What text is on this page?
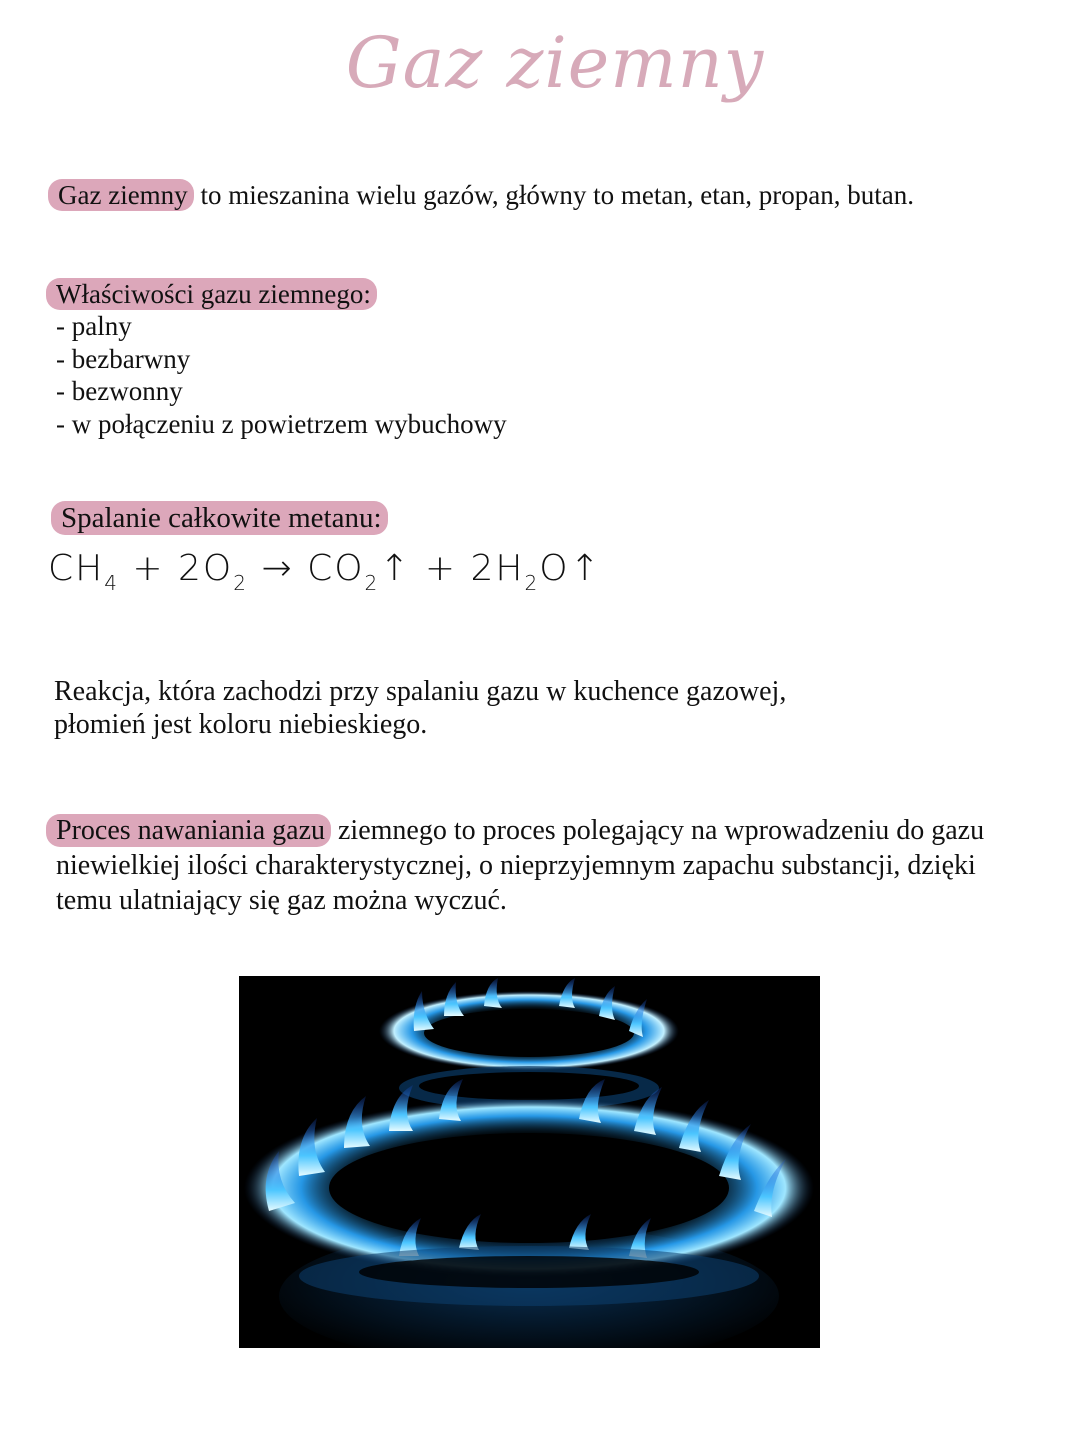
Gaz ziemny

Gaz ziemny to mieszanina wielu gazów, główny to metan, etan, propan, butan.

Właściwości gazu ziemnego:

- palny
- bezbarwny
- bezwonny
- w połączeniu z powietrzem wybuchowy

Spalanie całkowite metanu:

$CH_4 + 2O_2$ → $CO_2↑$ + $2H_2O↑$

Reakcja, która zachodzi przy spalaniu gazu w kuchence gazowej,
płomień jest koloru niebieskiego.

Proces nawaniania gazu ziemnego to proces polegający na wprowadzeniu do gazu niewielkiej ilości charakterystycznej, o nieprzyjemnym zapachu substancji, dzięki temu ulatniający się gaz można wyczuć.
